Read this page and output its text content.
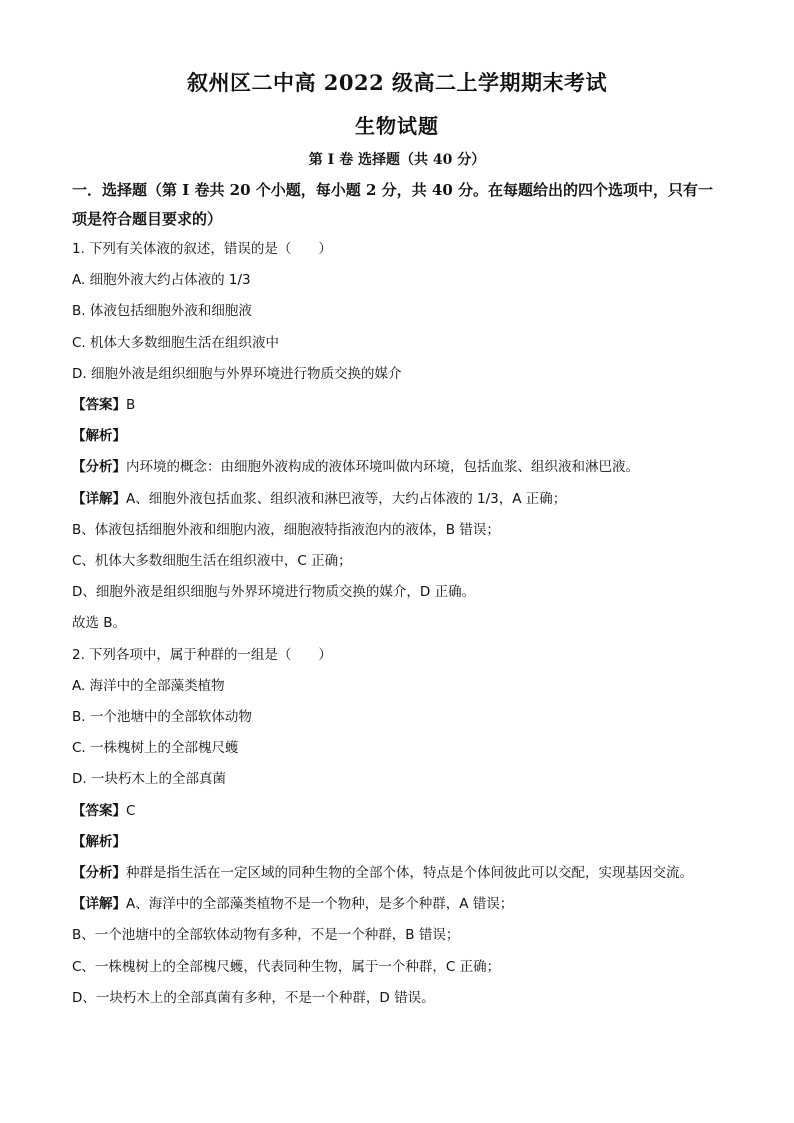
叙州区二中高 2022 级高二上学期期末考试
生物试题
第 I 卷 选择题（共 40 分）
一．选择题（第 I 卷共 20 个小题，每小题 2 分，共 40 分。在每题给出的四个选项中，只有一
项是符合题目要求的）

1. 下列有关体液的叙述，错误的是（　　）

A. 细胞外液大约占体液的 1/3

B. 体液包括细胞外液和细胞液

C. 机体大多数细胞生活在组织液中

D. 细胞外液是组织细胞与外界环境进行物质交换的媒介

【答案】B

【解析】

【分析】内环境的概念：由细胞外液构成的液体环境叫做内环境，包括血浆、组织液和淋巴液。

【详解】A、细胞外液包括血浆、组织液和淋巴液等，大约占体液的 1/3，A 正确；

B、体液包括细胞外液和细胞内液，细胞液特指液泡内的液体，B 错误；

C、机体大多数细胞生活在组织液中，C 正确；

D、细胞外液是组织细胞与外界环境进行物质交换的媒介，D 正确。

故选 B。

2. 下列各项中，属于种群的一组是（　　）

A. 海洋中的全部藻类植物

B. 一个池塘中的全部软体动物

C. 一株槐树上的全部槐尺蠖

D. 一块朽木上的全部真菌

【答案】C

【解析】

【分析】种群是指生活在一定区域的同种生物的全部个体，特点是个体间彼此可以交配，实现基因交流。

【详解】A、海洋中的全部藻类植物不是一个物种，是多个种群，A 错误；

B、一个池塘中的全部软体动物有多种，不是一个种群，B 错误；

C、一株槐树上的全部槐尺蠖，代表同种生物，属于一个种群，C 正确；

D、一块朽木上的全部真菌有多种，不是一个种群，D 错误。
